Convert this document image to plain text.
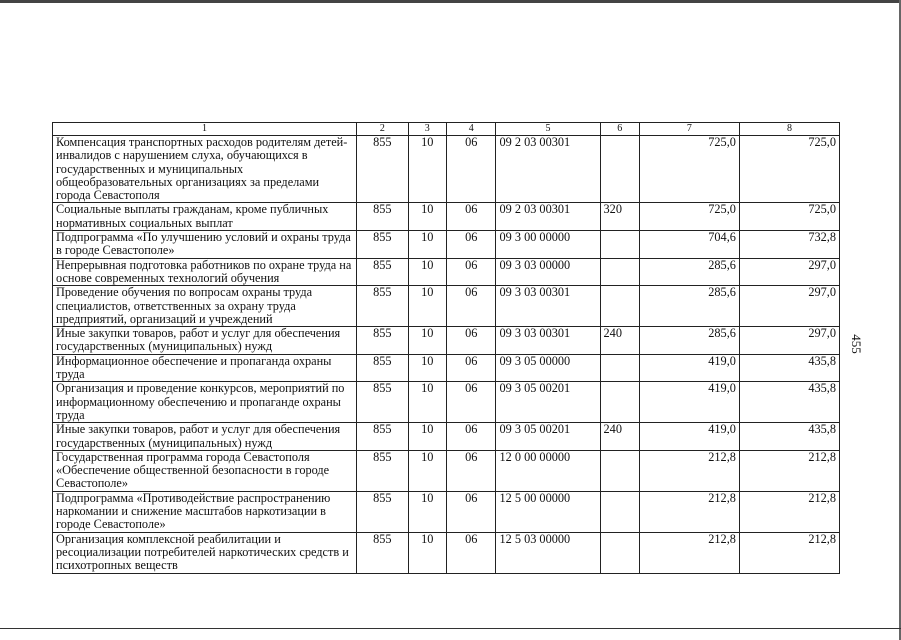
1	2	3	4	5	6	7	8
Компенсация транспортных расходов родителям детей-инвалидов с нарушением слуха, обучающихся в государственных и муниципальных общеобразовательных организациях за пределами города Севастополя	855	10	06	09 2 03 00301		725,0	725,0
Социальные выплаты гражданам, кроме публичных нормативных социальных выплат	855	10	06	09 2 03 00301	320	725,0	725,0
Подпрограмма «По улучшению условий и охраны труда в городе Севастополе»	855	10	06	09 3 00 00000		704,6	732,8
Непрерывная подготовка работников по охране труда на основе современных технологий обучения	855	10	06	09 3 03 00000		285,6	297,0
Проведение обучения по вопросам охраны труда специалистов, ответственных за охрану труда предприятий, организаций и учреждений	855	10	06	09 3 03 00301		285,6	297,0
Иные закупки товаров, работ и услуг для обеспечения государственных (муниципальных) нужд	855	10	06	09 3 03 00301	240	285,6	297,0
Информационное обеспечение и пропаганда охраны труда	855	10	06	09 3 05 00000		419,0	435,8
Организация и проведение конкурсов, мероприятий по информационному обеспечению и пропаганде охраны труда	855	10	06	09 3 05 00201		419,0	435,8
Иные закупки товаров, работ и услуг для обеспечения государственных (муниципальных) нужд	855	10	06	09 3 05 00201	240	419,0	435,8
Государственная программа города Севастополя «Обеспечение общественной безопасности в городе Севастополе»	855	10	06	12 0 00 00000		212,8	212,8
Подпрограмма «Противодействие распространению наркомании и снижение масштабов наркотизации в городе Севастополе»	855	10	06	12 5 00 00000		212,8	212,8
Организация комплексной реабилитации и ресоциализации потребителей наркотических средств и психотропных веществ	855	10	06	12 5 03 00000		212,8	212,8
455
